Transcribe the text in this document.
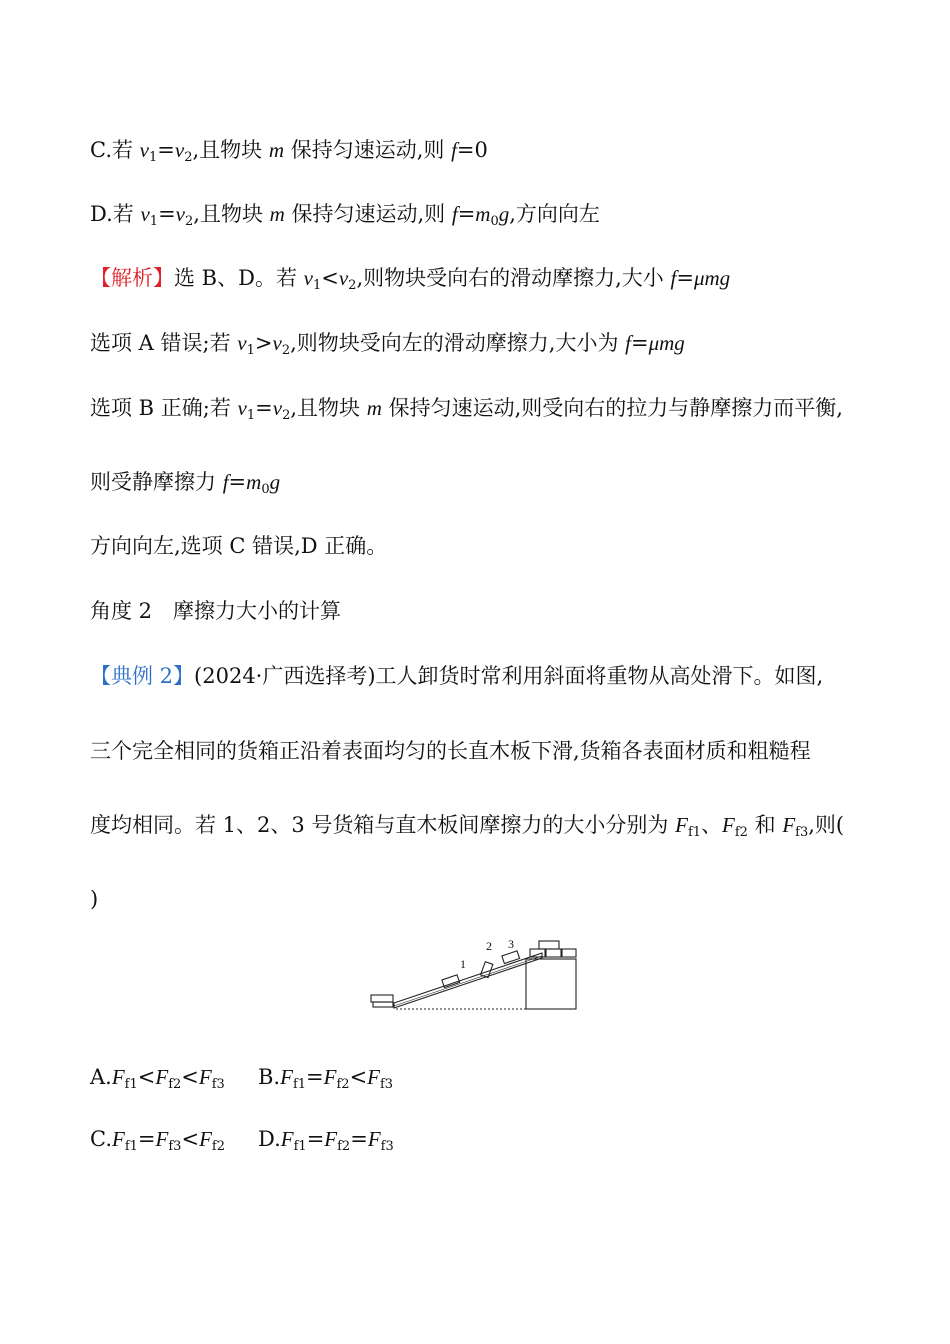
C.若 $v_1=v_2$,且物块 m 保持匀速运动,则 f=0
D.若 $v_1=v_2$,且物块 m 保持匀速运动,则 $f=m_0g$,方向向左
【解析】选 B、D。若 $v_1<v_2$,则物块受向右的滑动摩擦力,大小 f=μmg
选项 A 错误;若 $v_1>v_2$,则物块受向左的滑动摩擦力,大小为 f=μmg
选项 B 正确;若 $v_1=v_2$,且物块 m 保持匀速运动,则受向右的拉力与静摩擦力而平衡,
则受静摩擦力 $f=m_0g$
方向向左,选项 C 错误,D 正确。
角度 2　摩擦力大小的计算
【典例 2】(2024·广西选择考)工人卸货时常利用斜面将重物从高处滑下。如图,
三个完全相同的货箱正沿着表面均匀的长直木板下滑,货箱各表面材质和粗糙程
度均相同。若 1、2、3 号货箱与直木板间摩擦力的大小分别为 $F_{f1}$、$F_{f2}$ 和 $F_{f3}$,则(
)
1
2 3
$A.F_{f1}<F_{f2}<F_{f3}$ $B.F_{f1}=F_{f2}<F_{f3}$
$C.F_{f1}=F_{f3}<F_{f2}$ $D.F_{f1}=F_{f2}=F_{f3}$
